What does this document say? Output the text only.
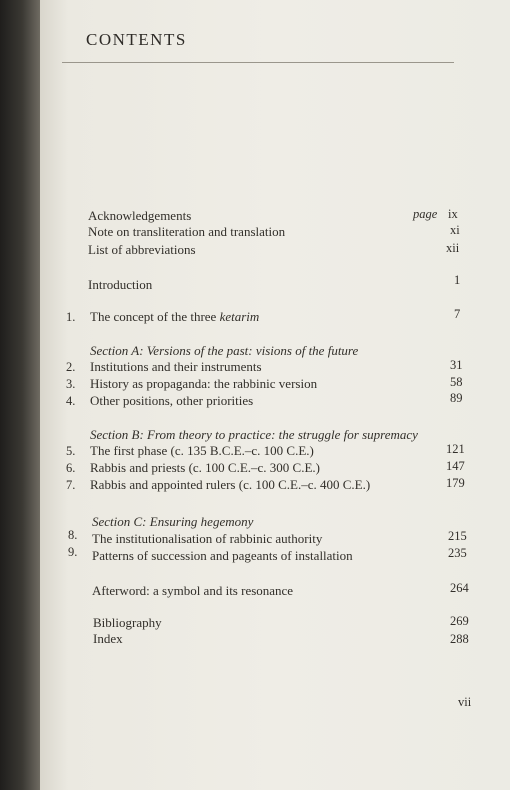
CONTENTS
Acknowledgements	page ix
Note on transliteration and translation	xi
List of abbreviations	xii
Introduction	1
1. The concept of the three ketarim	7
Section A: Versions of the past: visions of the future
2. Institutions and their instruments	31
3. History as propaganda: the rabbinic version	58
4. Other positions, other priorities	89
Section B: From theory to practice: the struggle for supremacy
5. The first phase (c. 135 B.C.E.–c. 100 C.E.)	121
6. Rabbis and priests (c. 100 C.E.–c. 300 C.E.)	147
7. Rabbis and appointed rulers (c. 100 C.E.–c. 400 C.E.)	179
Section C: Ensuring hegemony
8. The institutionalisation of rabbinic authority	215
9. Patterns of succession and pageants of installation	235
Afterword: a symbol and its resonance	264
Bibliography	269
Index	288
vii
